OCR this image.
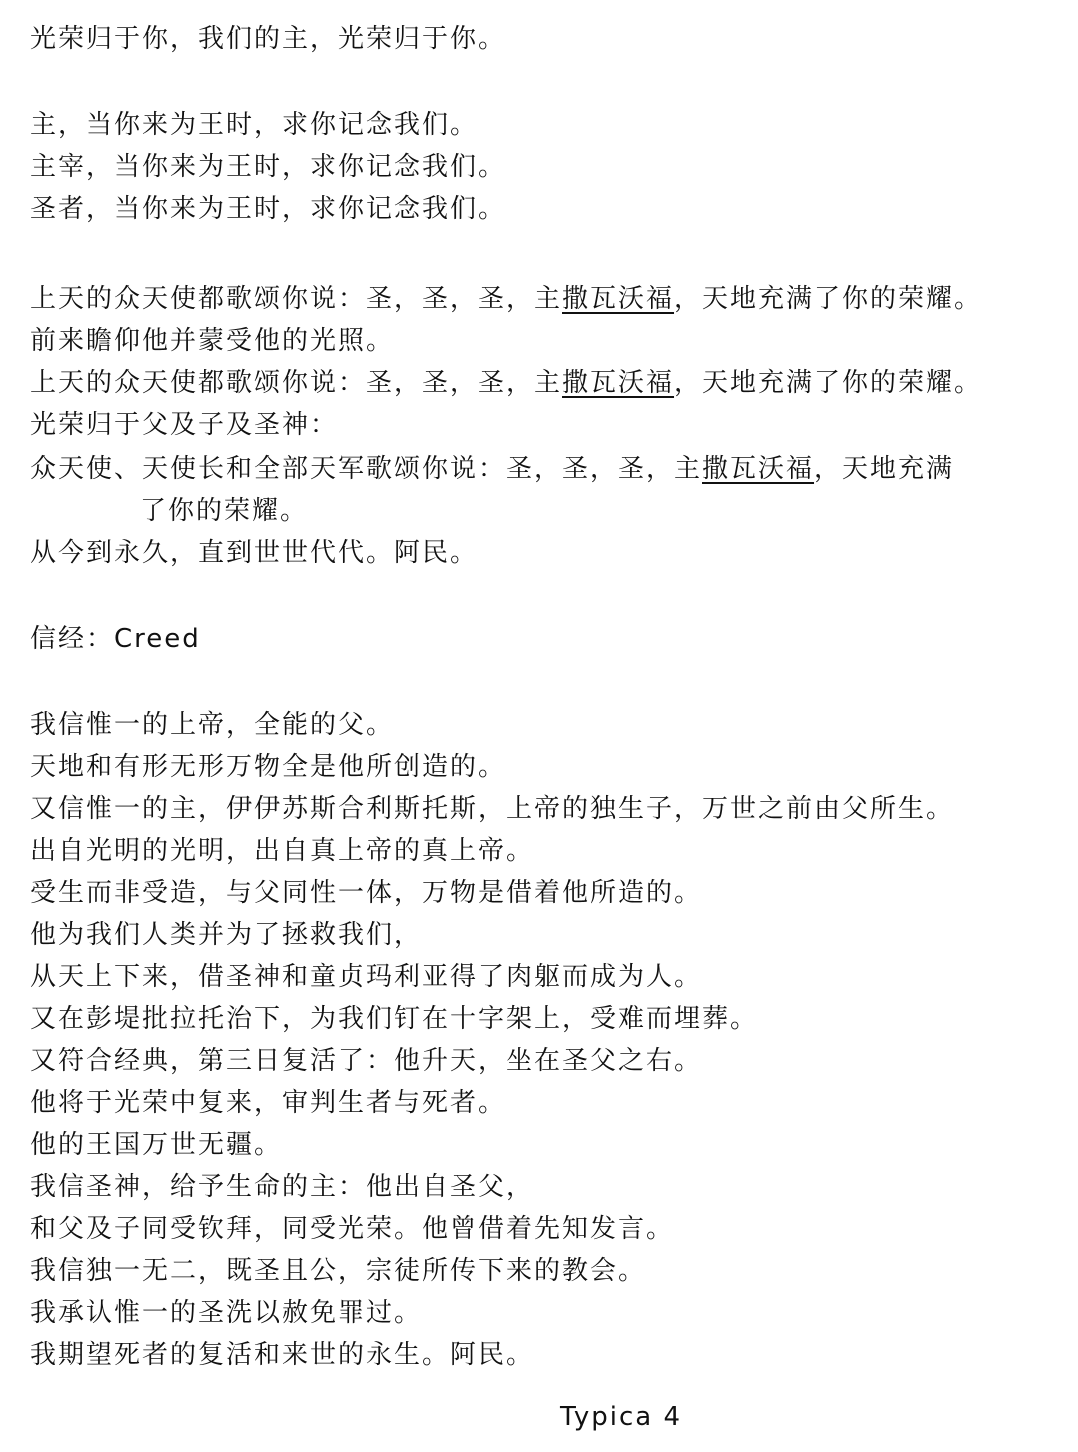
光荣归于你，我们的主，光荣归于你。
主，当你来为王时，求你记念我们。
主宰，当你来为王时，求你记念我们。
圣者，当你来为王时，求你记念我们。
上天的众天使都歌颂你说：圣，圣，圣，主撒瓦沃福，天地充满了你的荣耀。
前来瞻仰他并蒙受他的光照。
上天的众天使都歌颂你说：圣，圣，圣，主撒瓦沃福，天地充满了你的荣耀。
光荣归于父及子及圣神：
众天使、天使长和全部天军歌颂你说：圣，圣，圣，主撒瓦沃福，天地充满
了你的荣耀。
从今到永久，直到世世代代。阿民。
信经：Creed
我信惟一的上帝，全能的父。
天地和有形无形万物全是他所创造的。
又信惟一的主，伊伊苏斯合利斯托斯，上帝的独生子，万世之前由父所生。
出自光明的光明，出自真上帝的真上帝。
受生而非受造，与父同性一体，万物是借着他所造的。
他为我们人类并为了拯救我们，
从天上下来，借圣神和童贞玛利亚得了肉躯而成为人。
又在彭堤批拉托治下，为我们钉在十字架上，受难而埋葬。
又符合经典，第三日复活了：他升天，坐在圣父之右。
他将于光荣中复来，审判生者与死者。
他的王国万世无疆。
我信圣神，给予生命的主：他出自圣父，
和父及子同受钦拜，同受光荣。他曾借着先知发言。
我信独一无二，既圣且公，宗徒所传下来的教会。
我承认惟一的圣洗以赦免罪过。
我期望死者的复活和来世的永生。阿民。
Typica 4
